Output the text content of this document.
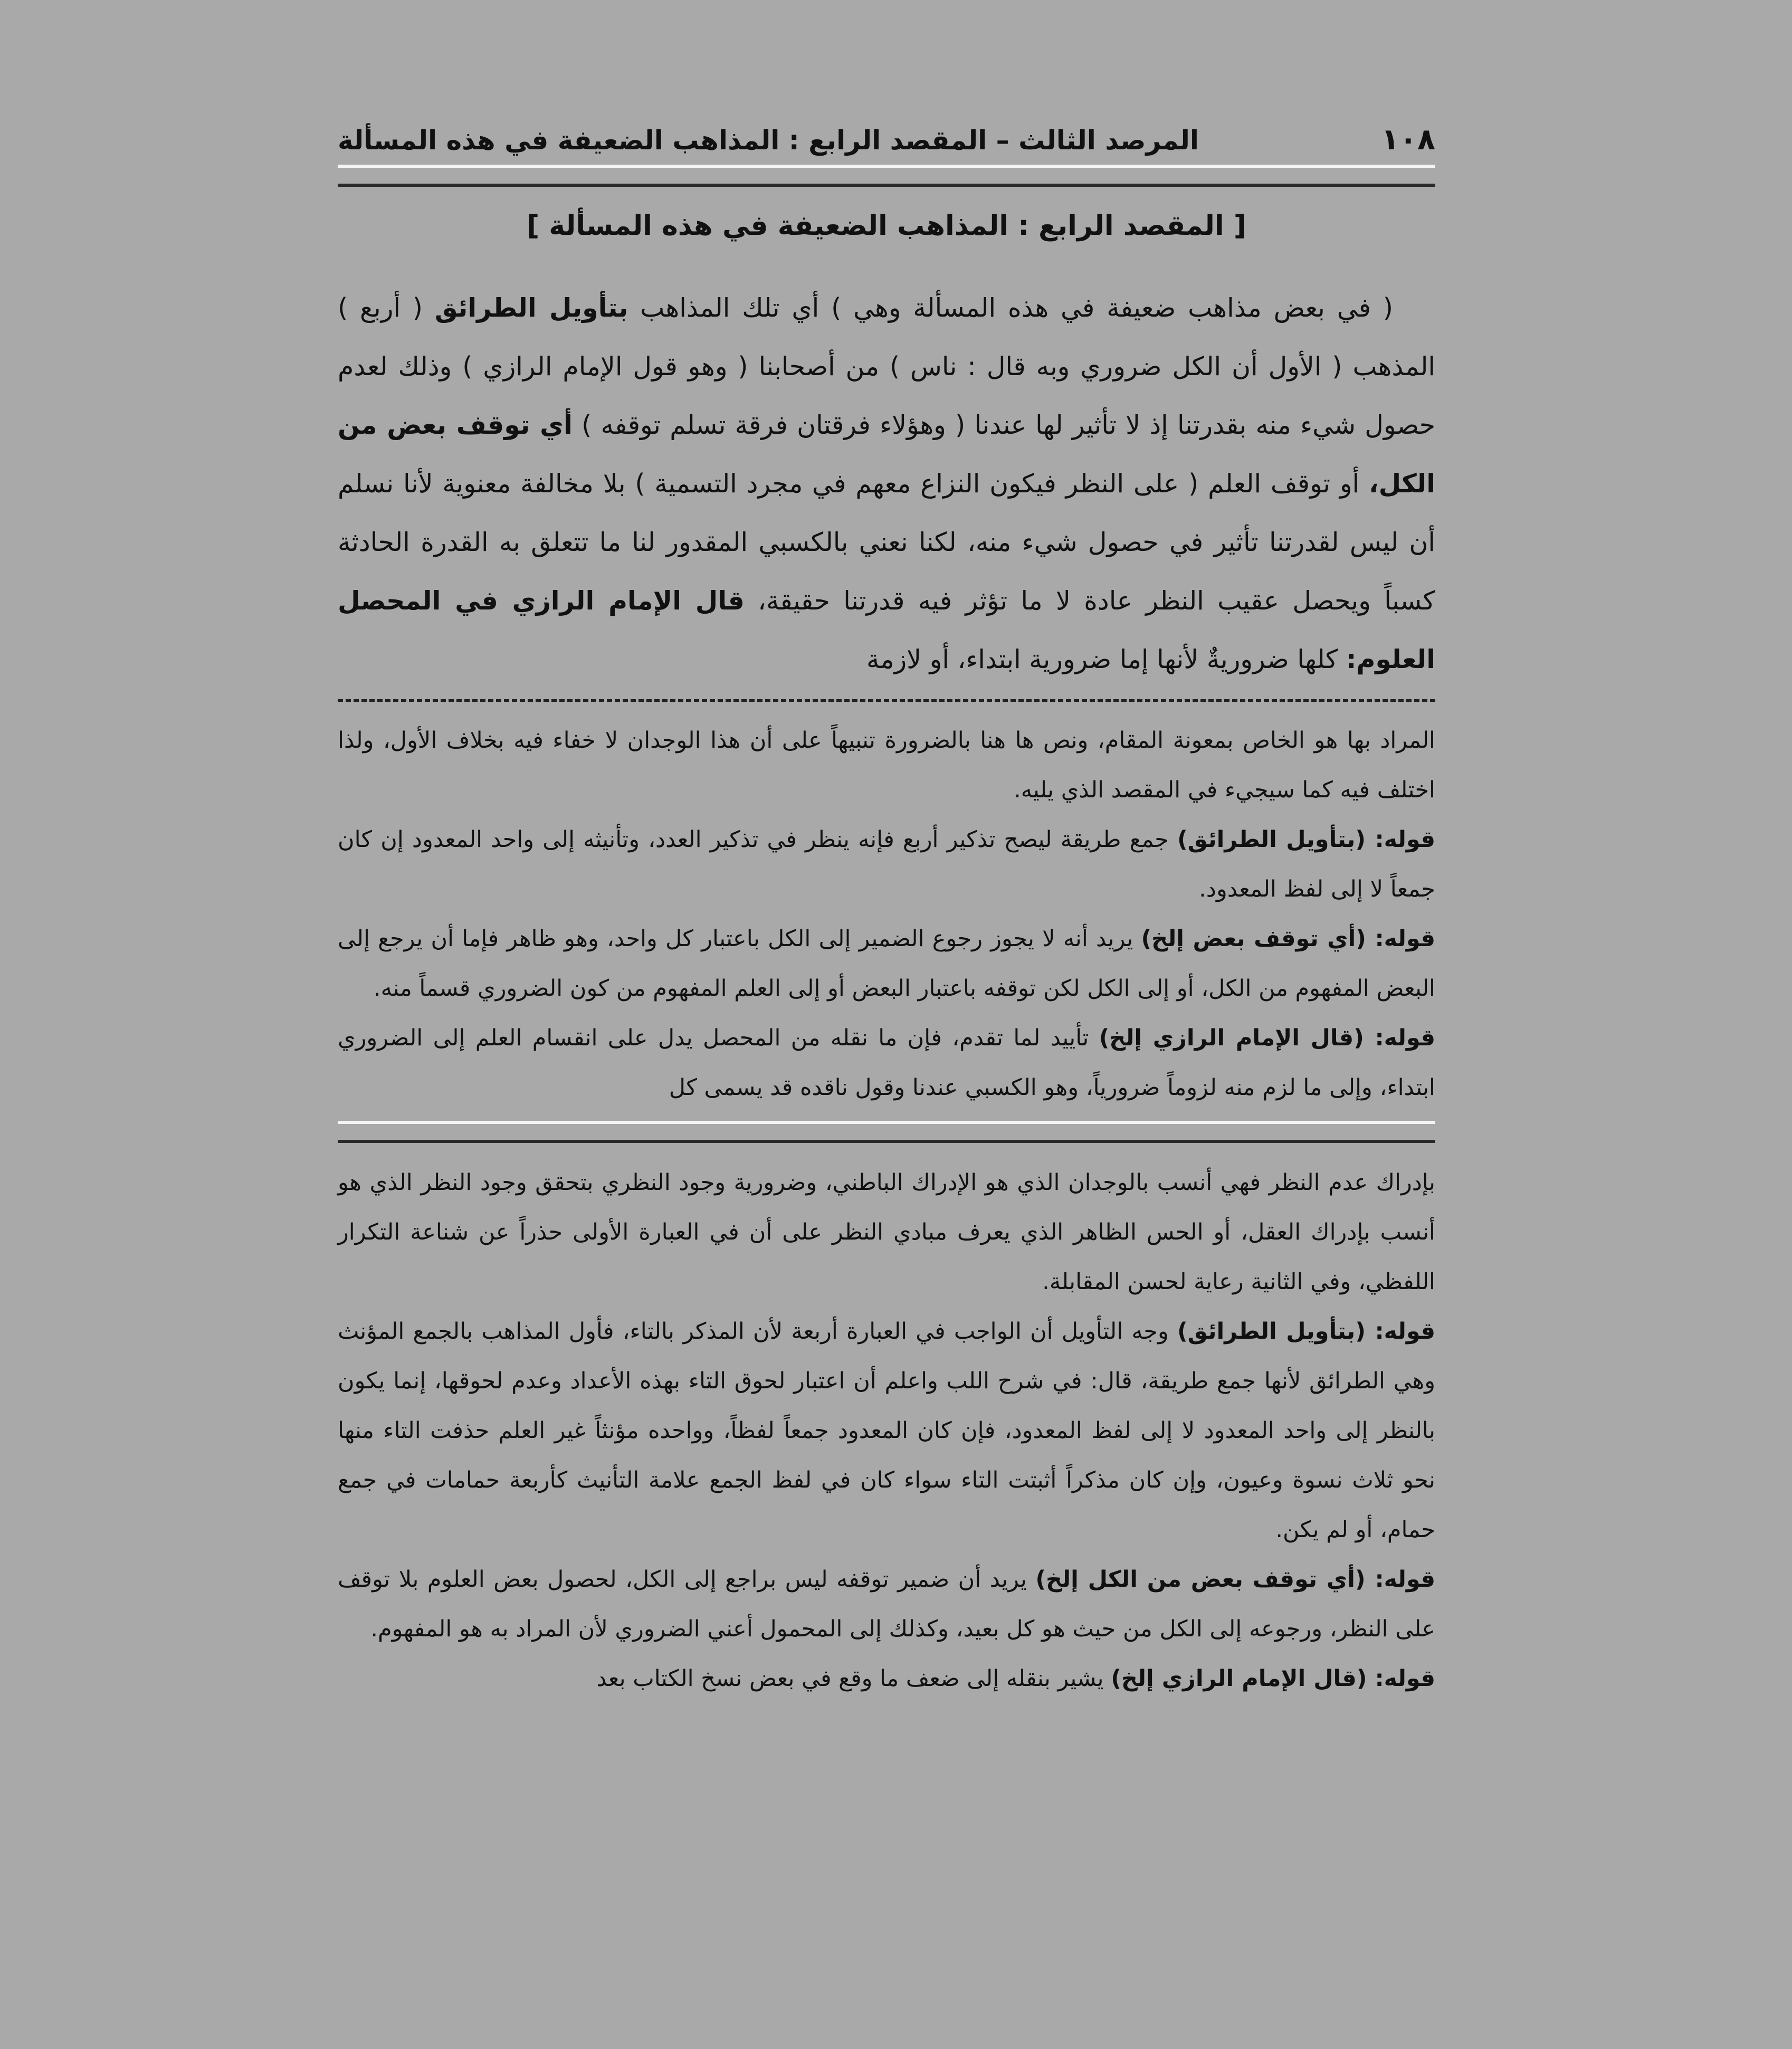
١٠٨
المرصد الثالث – المقصد الرابع : المذاهب الضعيفة في هذه المسألة
[ المقصد الرابع : المذاهب الضعيفة في هذه المسألة ]

( في بعض مذاهب ضعيفة في هذه المسألة وهي ) أي تلك المذاهب بتأويل الطرائق ( أربع ) المذهب ( الأول أن الكل ضروري وبه قال : ناس ) من أصحابنا ( وهو قول الإمام الرازي ) وذلك لعدم حصول شيء منه بقدرتنا إذ لا تأثير لها عندنا ( وهؤلاء فرقتان فرقة تسلم توقفه ) أي توقف بعض من الكل، أو توقف العلم ( على النظر فيكون النزاع معهم في مجرد التسمية ) بلا مخالفة معنوية لأنا نسلم أن ليس لقدرتنا تأثير في حصول شيء منه، لكنا نعني بالكسبي المقدور لنا ما تتعلق به القدرة الحادثة كسباً ويحصل عقيب النظر عادة لا ما تؤثر فيه قدرتنا حقيقة، قال الإمام الرازي في المحصل العلوم: كلها ضروريةٌ لأنها إما ضرورية ابتداء، أو لازمة

المراد بها هو الخاص بمعونة المقام، ونص ها هنا بالضرورة تنبيهاً على أن هذا الوجدان لا خفاء فيه بخلاف الأول، ولذا اختلف فيه كما سيجيء في المقصد الذي يليه.

قوله: (بتأويل الطرائق) جمع طريقة ليصح تذكير أربع فإنه ينظر في تذكير العدد، وتأنيثه إلى واحد المعدود إن كان جمعاً لا إلى لفظ المعدود.

قوله: (أي توقف بعض إلخ) يريد أنه لا يجوز رجوع الضمير إلى الكل باعتبار كل واحد، وهو ظاهر فإما أن يرجع إلى البعض المفهوم من الكل، أو إلى الكل لكن توقفه باعتبار البعض أو إلى العلم المفهوم من كون الضروري قسماً منه.

قوله: (قال الإمام الرازي إلخ) تأييد لما تقدم، فإن ما نقله من المحصل يدل على انقسام العلم إلى الضروري ابتداء، وإلى ما لزم منه لزوماً ضرورياً، وهو الكسبي عندنا وقول ناقده قد يسمى كل

بإدراك عدم النظر فهي أنسب بالوجدان الذي هو الإدراك الباطني، وضرورية وجود النظري بتحقق وجود النظر الذي هو أنسب بإدراك العقل، أو الحس الظاهر الذي يعرف مبادي النظر على أن في العبارة الأولى حذراً عن شناعة التكرار اللفظي، وفي الثانية رعاية لحسن المقابلة.

قوله: (بتأويل الطرائق) وجه التأويل أن الواجب في العبارة أربعة لأن المذكر بالتاء، فأول المذاهب بالجمع المؤنث وهي الطرائق لأنها جمع طريقة، قال: في شرح اللب واعلم أن اعتبار لحوق التاء بهذه الأعداد وعدم لحوقها، إنما يكون بالنظر إلى واحد المعدود لا إلى لفظ المعدود، فإن كان المعدود جمعاً لفظاً، وواحده مؤنثاً غير العلم حذفت التاء منها نحو ثلاث نسوة وعيون، وإن كان مذكراً أثبتت التاء سواء كان في لفظ الجمع علامة التأنيث كأربعة حمامات في جمع حمام، أو لم يكن.

قوله: (أي توقف بعض من الكل إلخ) يريد أن ضمير توقفه ليس براجع إلى الكل، لحصول بعض العلوم بلا توقف على النظر، ورجوعه إلى الكل من حيث هو كل بعيد، وكذلك إلى المحمول أعني الضروري لأن المراد به هو المفهوم.

قوله: (قال الإمام الرازي إلخ) يشير بنقله إلى ضعف ما وقع في بعض نسخ الكتاب بعد
